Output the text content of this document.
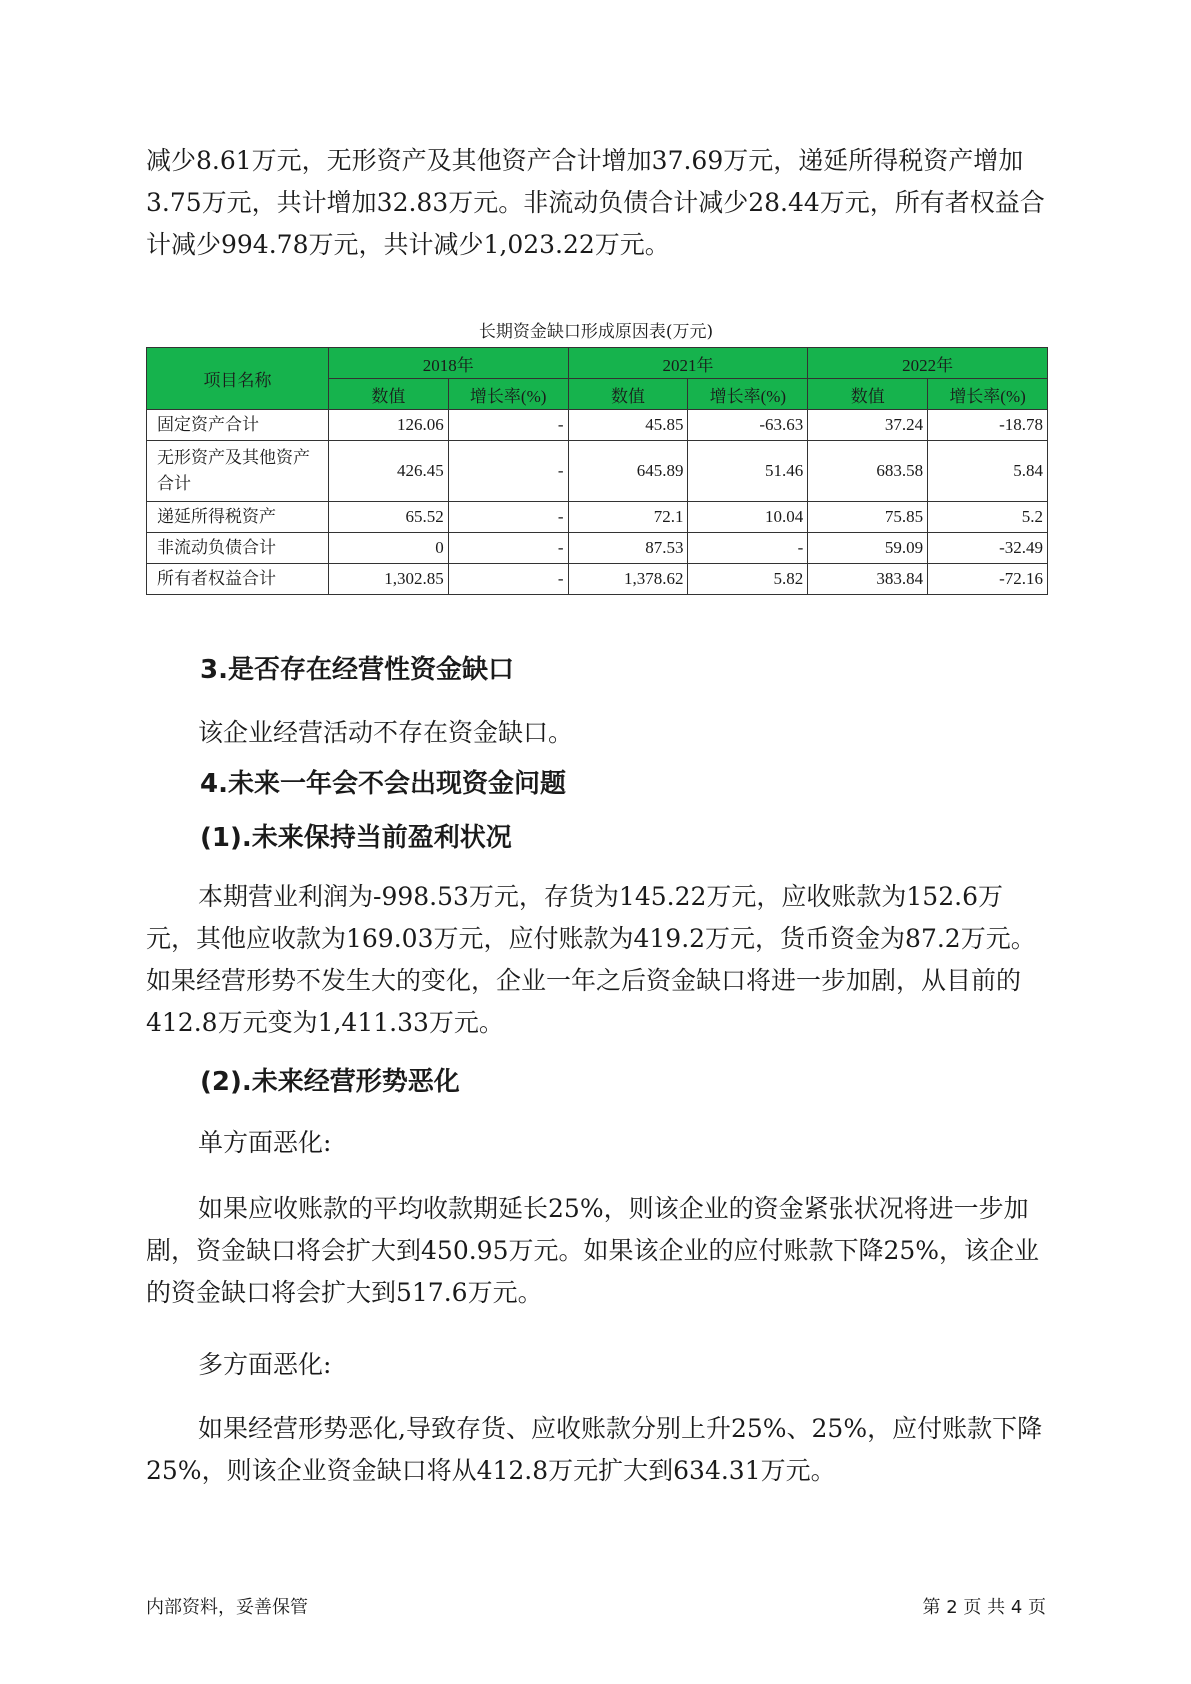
减少8.61万元，无形资产及其他资产合计增加37.69万元，递延所得税资产增加3.75万元，共计增加32.83万元。非流动负债合计减少28.44万元，所有者权益合计减少994.78万元，共计减少1,023.22万元。

长期资金缺口形成原因表(万元)
项目名称	2018年		2021年		2022年	
	数值	增长率(%)	数值	增长率(%)	数值	增长率(%)
固定资产合计	126.06	-	45.85	-63.63	37.24	-18.78
无形资产及其他资产合计	426.45	-	645.89	51.46	683.58	5.84
递延所得税资产	65.52	-	72.1	10.04	75.85	5.2
非流动负债合计	0	-	87.53	-	59.09	-32.49
所有者权益合计	1,302.85	-	1,378.62	5.82	383.84	-72.16
3.是否存在经营性资金缺口

该企业经营活动不存在资金缺口。

4.未来一年会不会出现资金问题
(1).未来保持当前盈利状况

本期营业利润为-998.53万元，存货为145.22万元，应收账款为152.6万元，其他应收款为169.03万元，应付账款为419.2万元，货币资金为87.2万元。如果经营形势不发生大的变化，企业一年之后资金缺口将进一步加剧，从目前的412.8万元变为1,411.33万元。

(2).未来经营形势恶化

单方面恶化:

如果应收账款的平均收款期延长25%，则该企业的资金紧张状况将进一步加剧，资金缺口将会扩大到450.95万元。如果该企业的应付账款下降25%，该企业的资金缺口将会扩大到517.6万元。

多方面恶化:

如果经营形势恶化,导致存货、应收账款分别上升25%、25%，应付账款下降25%，则该企业资金缺口将从412.8万元扩大到634.31万元。

内部资料，妥善保管	第 2 页 共 4 页
